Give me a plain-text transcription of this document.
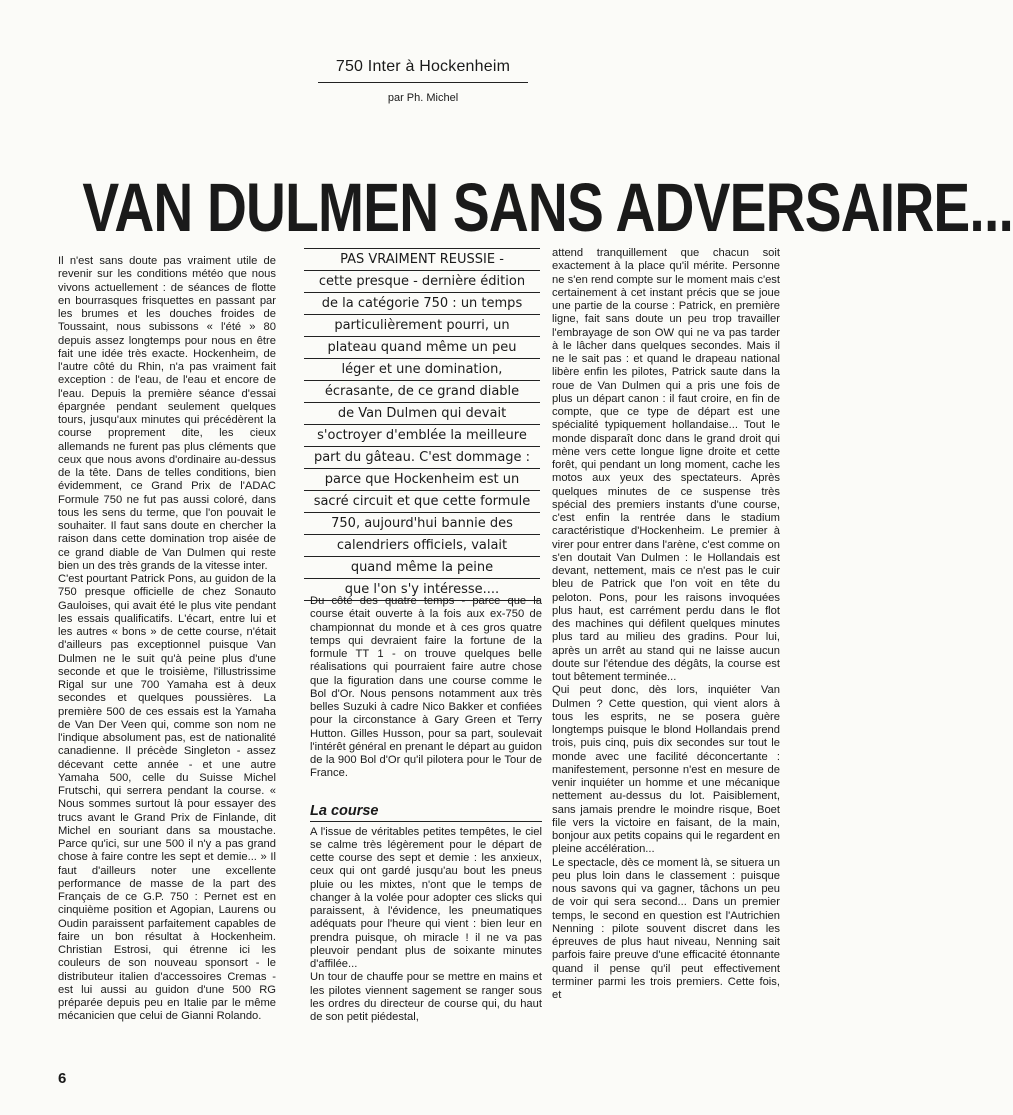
750 Inter à Hockenheim
par Ph. Michel
VAN DULMEN SANS ADVERSAIRE...

Il n'est sans doute pas vraiment utile de revenir sur les conditions météo que nous vivons actuellement : de séances de flotte en bourrasques frisquettes en passant par les brumes et les douches froides de Toussaint, nous subissons « l'été » 80 depuis assez longtemps pour nous en être fait une idée très exacte. Hockenheim, de l'autre côté du Rhin, n'a pas vraiment fait exception : de l'eau, de l'eau et encore de l'eau. Depuis la première séance d'essai épargnée pendant seulement quelques tours, jusqu'aux minutes qui précédèrent la course proprement dite, les cieux allemands ne furent pas plus cléments que ceux que nous avons d'ordinaire au-dessus de la tête. Dans de telles conditions, bien évidemment, ce Grand Prix de l'ADAC Formule 750 ne fut pas aussi coloré, dans tous les sens du terme, que l'on pouvait le souhaiter. Il faut sans doute en chercher la raison dans cette domination trop aisée de ce grand diable de Van Dulmen qui reste bien un des très grands de la vitesse inter.

C'est pourtant Patrick Pons, au guidon de la 750 presque officielle de chez Sonauto Gauloises, qui avait été le plus vite pendant les essais qualificatifs. L'écart, entre lui et les autres « bons » de cette course, n'était d'ailleurs pas exceptionnel puisque Van Dulmen ne le suit qu'à peine plus d'une seconde et que le troisième, l'illustrissime Rigal sur une 700 Yamaha est à deux secondes et quelques poussières. La première 500 de ces essais est la Yamaha de Van Der Veen qui, comme son nom ne l'indique absolument pas, est de nationalité canadienne. Il précède Singleton - assez décevant cette année - et une autre Yamaha 500, celle du Suisse Michel Frutschi, qui serrera pendant la course. « Nous sommes surtout là pour essayer des trucs avant le Grand Prix de Finlande, dit Michel en souriant dans sa moustache. Parce qu'ici, sur une 500 il n'y a pas grand chose à faire contre les sept et demie... » Il faut d'ailleurs noter une excellente performance de masse de la part des Français de ce G.P. 750 : Pernet est en cinquième position et Agopian, Laurens ou Oudin paraissent parfaitement capables de faire un bon résultat à Hockenheim. Christian Estrosi, qui étrenne ici les couleurs de son nouveau sponsort - le distributeur italien d'accessoires Cremas - est lui aussi au guidon d'une 500 RG préparée depuis peu en Italie par le même mécanicien que celui de Gianni Rolando.

PAS VRAIMENT REUSSIE -
cette presque - dernière édition
de la catégorie 750 : un temps
particulièrement pourri, un
plateau quand même un peu
léger et une domination,
écrasante, de ce grand diable
de Van Dulmen qui devait
s'octroyer d'emblée la meilleure
part du gâteau. C'est dommage :
parce que Hockenheim est un
sacré circuit et que cette formule
750, aujourd'hui bannie des
calendriers officiels, valait
quand même la peine
que l'on s'y intéresse....

Du côté des quatre temps - parce que la course était ouverte à la fois aux ex-750 de championnat du monde et à ces gros quatre temps qui devraient faire la fortune de la formule TT 1 - on trouve quelques belle réalisations qui pourraient faire autre chose que la figuration dans une course comme le Bol d'Or. Nous pensons notamment aux très belles Suzuki à cadre Nico Bakker et confiées pour la circonstance à Gary Green et Terry Hutton. Gilles Husson, pour sa part, soulevait l'intérêt général en prenant le départ au guidon de la 900 Bol d'Or qu'il pilotera pour le Tour de France.

La course

A l'issue de véritables petites tempêtes, le ciel se calme très légèrement pour le départ de cette course des sept et demie : les anxieux, ceux qui ont gardé jusqu'au bout les pneus pluie ou les mixtes, n'ont que le temps de changer à la volée pour adopter ces slicks qui paraissent, à l'évidence, les pneumatiques adéquats pour l'heure qui vient : bien leur en prendra puisque, oh miracle ! il ne va pas pleuvoir pendant plus de soixante minutes d'affilée...

Un tour de chauffe pour se mettre en mains et les pilotes viennent sagement se ranger sous les ordres du directeur de course qui, du haut de son petit piédestal,

attend tranquillement que chacun soit exactement à la place qu'il mérite. Personne ne s'en rend compte sur le moment mais c'est certainement à cet instant précis que se joue une partie de la course : Patrick, en première ligne, fait sans doute un peu trop travailler l'embrayage de son OW qui ne va pas tarder à le lâcher dans quelques secondes. Mais il ne le sait pas : et quand le drapeau national libère enfin les pilotes, Patrick saute dans la roue de Van Dulmen qui a pris une fois de plus un départ canon : il faut croire, en fin de compte, que ce type de départ est une spécialité typiquement hollandaise... Tout le monde disparaît donc dans le grand droit qui mène vers cette longue ligne droite et cette forêt, qui pendant un long moment, cache les motos aux yeux des spectateurs. Après quelques minutes de ce suspense très spécial des premiers instants d'une course, c'est enfin la rentrée dans le stadium caractéristique d'Hockenheim. Le premier à virer pour entrer dans l'arène, c'est comme on s'en doutait Van Dulmen : le Hollandais est devant, nettement, mais ce n'est pas le cuir bleu de Patrick que l'on voit en tête du peloton. Pons, pour les raisons invoquées plus haut, est carrément perdu dans le flot des machines qui défilent quelques minutes plus tard au milieu des gradins. Pour lui, après un arrêt au stand qui ne laisse aucun doute sur l'étendue des dégâts, la course est tout bêtement terminée...

Qui peut donc, dès lors, inquiéter Van Dulmen ? Cette question, qui vient alors à tous les esprits, ne se posera guère longtemps puisque le blond Hollandais prend trois, puis cinq, puis dix secondes sur tout le monde avec une facilité déconcertante : manifestement, personne n'est en mesure de venir inquiéter un homme et une mécanique nettement au-dessus du lot. Paisiblement, sans jamais prendre le moindre risque, Boet file vers la victoire en faisant, de la main, bonjour aux petits copains qui le regardent en pleine accélération...

Le spectacle, dès ce moment là, se situera un peu plus loin dans le classement : puisque nous savons qui va gagner, tâchons un peu de voir qui sera second... Dans un premier temps, le second en question est l'Autrichien Nenning : pilote souvent discret dans les épreuves de plus haut niveau, Nenning sait parfois faire preuve d'une efficacité étonnante quand il pense qu'il peut effectivement terminer parmi les trois premiers. Cette fois, et

6
